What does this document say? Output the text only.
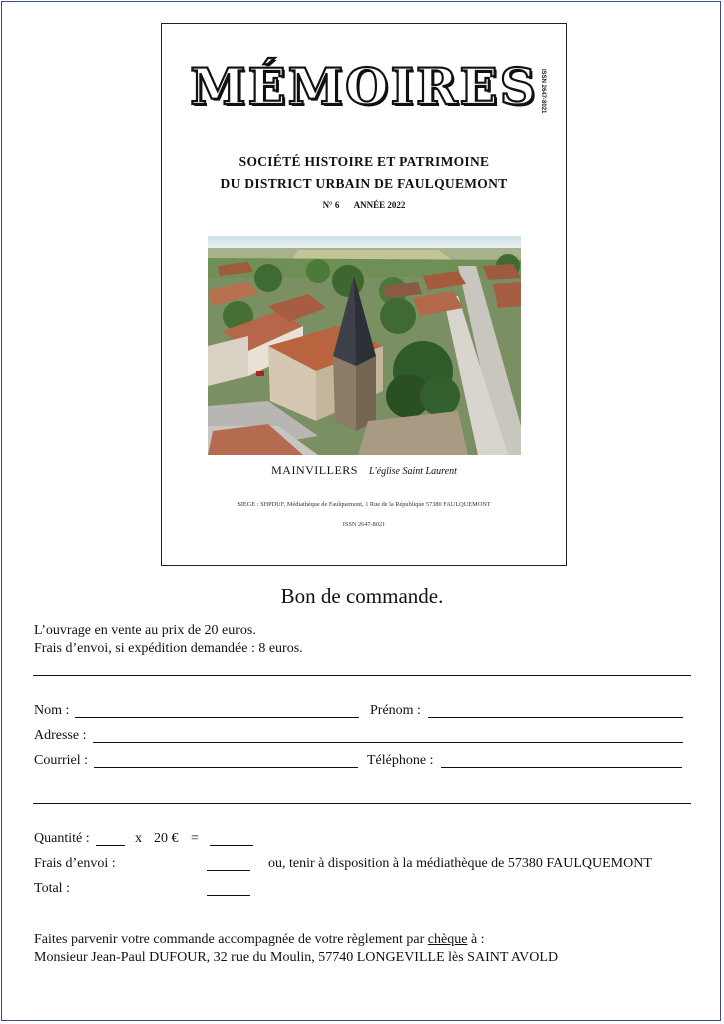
MÉMOIRES ISSN 2647-8021
SOCIÉTÉ HISTOIRE ET PATRIMOINE
DU DISTRICT URBAIN DE FAULQUEMONT
N° 6 ANNÉE 2022
MAINVILLERS L'église Saint Laurent
SIEGE : SHPDUF, Médiathèque de Faulquemont, 1 Rue de la République 57380 FAULQUEMONT
ISSN 2647-8021
Bon de commande.
L’ouvrage en vente au prix de 20 euros.
Frais d’envoi, si expédition demandée : 8 euros.
Nom :	Prénom :
Adresse :
Courriel :	Téléphone :
Quantité :	x 20 € =
Frais d’envoi :	ou, tenir à disposition à la médiathèque de 57380 FAULQUEMONT
Total :
Faites parvenir votre commande accompagnée de votre règlement par chèque à :
Monsieur Jean-Paul DUFOUR, 32 rue du Moulin, 57740 LONGEVILLE lès SAINT AVOLD
